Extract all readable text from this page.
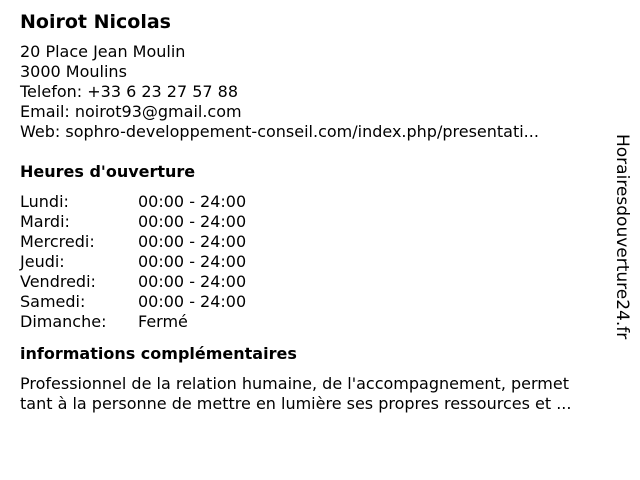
Noirot Nicolas
20 Place Jean Moulin
3000 Moulins
Telefon: +33 6 23 27 57 88
Email: noirot93@gmail.com
Web: sophro-developpement-conseil.com/index.php/presentati...
Heures d'ouverture
Lundi:	00:00 - 24:00
Mardi:	00:00 - 24:00
Mercredi:	00:00 - 24:00
Jeudi:	00:00 - 24:00
Vendredi:	00:00 - 24:00
Samedi:	00:00 - 24:00
Dimanche:	Fermé
informations complémentaires
Professionnel de la relation humaine, de l'accompagnement, permet
tant à la personne de mettre en lumière ses propres ressources et ...
Horairesdouverture24.fr
